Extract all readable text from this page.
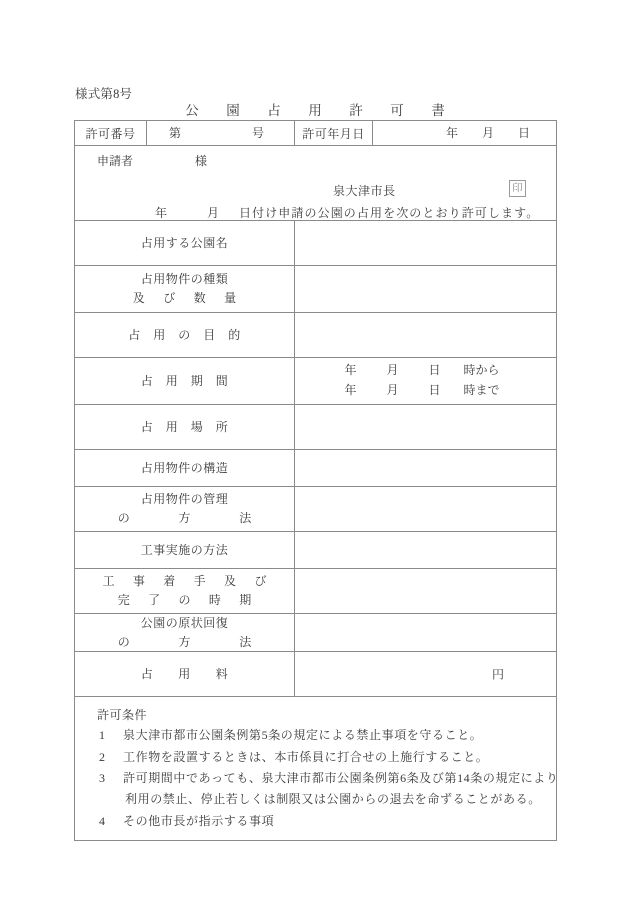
様式第8号
公　園　占　用　許　可　書
許可番号	第 号	許可年月日	年 月 日

申請者 様
泉大津市長 印
年 月 日付け申請の公園の占用を次のとおり許可します。			

占用する公園名			

占用物件の種類
及　び　数　量			

占　用　の　目　的			

占　用　期　間		年 月 日 時から
年 月 日 時まで	

占　用　場　所			

占用物件の構造			

占用物件の管理
の　　　方　　　法			

工事実施の方法			

工　事　着　手　及　び
完　了　の　時　期			

公園の原状回復
の　　　方　　　法			

占　　用　　料		円	

許可条件

1 泉大津市都市公園条例第5条の規定による禁止事項を守ること。
2 工作物を設置するときは、本市係員に打合せの上施行すること。
3 許可期間中であっても、泉大津市都市公園条例第6条及び第14条の規定により
利用の禁止、停止若しくは制限又は公園からの退去を命ずることがある。
4 その他市長が指示する事項
